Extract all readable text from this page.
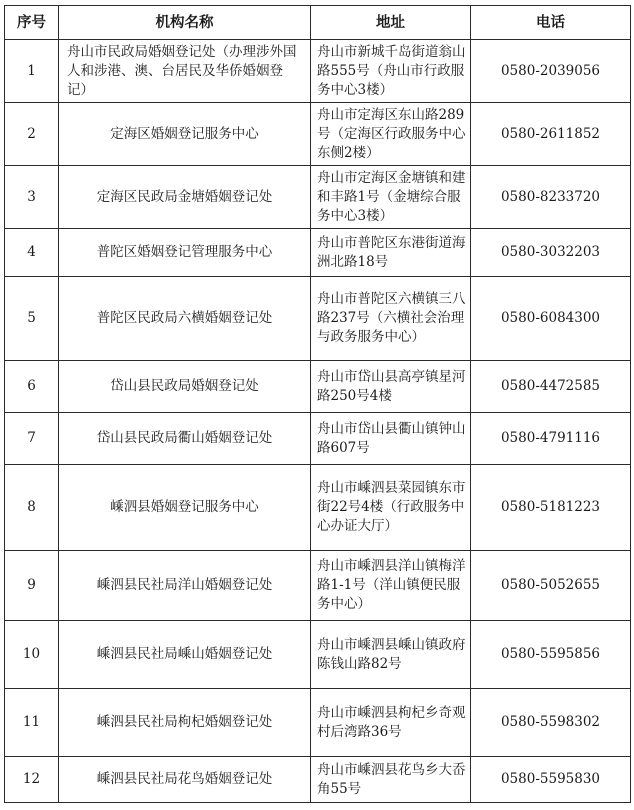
序号	机构名称	地址	电话
1	舟山市民政局婚姻登记处（办理涉外国人和涉港、澳、台居民及华侨婚姻登记）	舟山市新城千岛街道翁山路555号（舟山市行政服务中心3楼）	0580-2039056
2	定海区婚姻登记服务中心	舟山市定海区东山路289号（定海区行政服务中心东侧2楼）	0580-2611852
3	定海区民政局金塘婚姻登记处	舟山市定海区金塘镇和建和丰路1号（金塘综合服务中心3楼）	0580-8233720
4	普陀区婚姻登记管理服务中心	舟山市普陀区东港街道海洲北路18号	0580-3032203
5	普陀区民政局六横婚姻登记处	舟山市普陀区六横镇三八路237号（六横社会治理与政务服务中心）	0580-6084300
6	岱山县民政局婚姻登记处	舟山市岱山县高亭镇星河路250号4楼	0580-4472585
7	岱山县民政局衢山婚姻登记处	舟山市岱山县衢山镇钟山路607号	0580-4791116
8	嵊泗县婚姻登记服务中心	舟山市嵊泗县菜园镇东市街22号4楼（行政服务中心办证大厅）	0580-5181223
9	嵊泗县民社局洋山婚姻登记处	舟山市嵊泗县洋山镇梅洋路1-1号（洋山镇便民服务中心）	0580-5052655
10	嵊泗县民社局嵊山婚姻登记处	舟山市嵊泗县嵊山镇政府陈钱山路82号	0580-5595856
11	嵊泗县民社局枸杞婚姻登记处	舟山市嵊泗县枸杞乡奇观村后湾路36号	0580-5598302
12	嵊泗县民社局花鸟婚姻登记处	舟山市嵊泗县花鸟乡大岙角55号	0580-5595830
